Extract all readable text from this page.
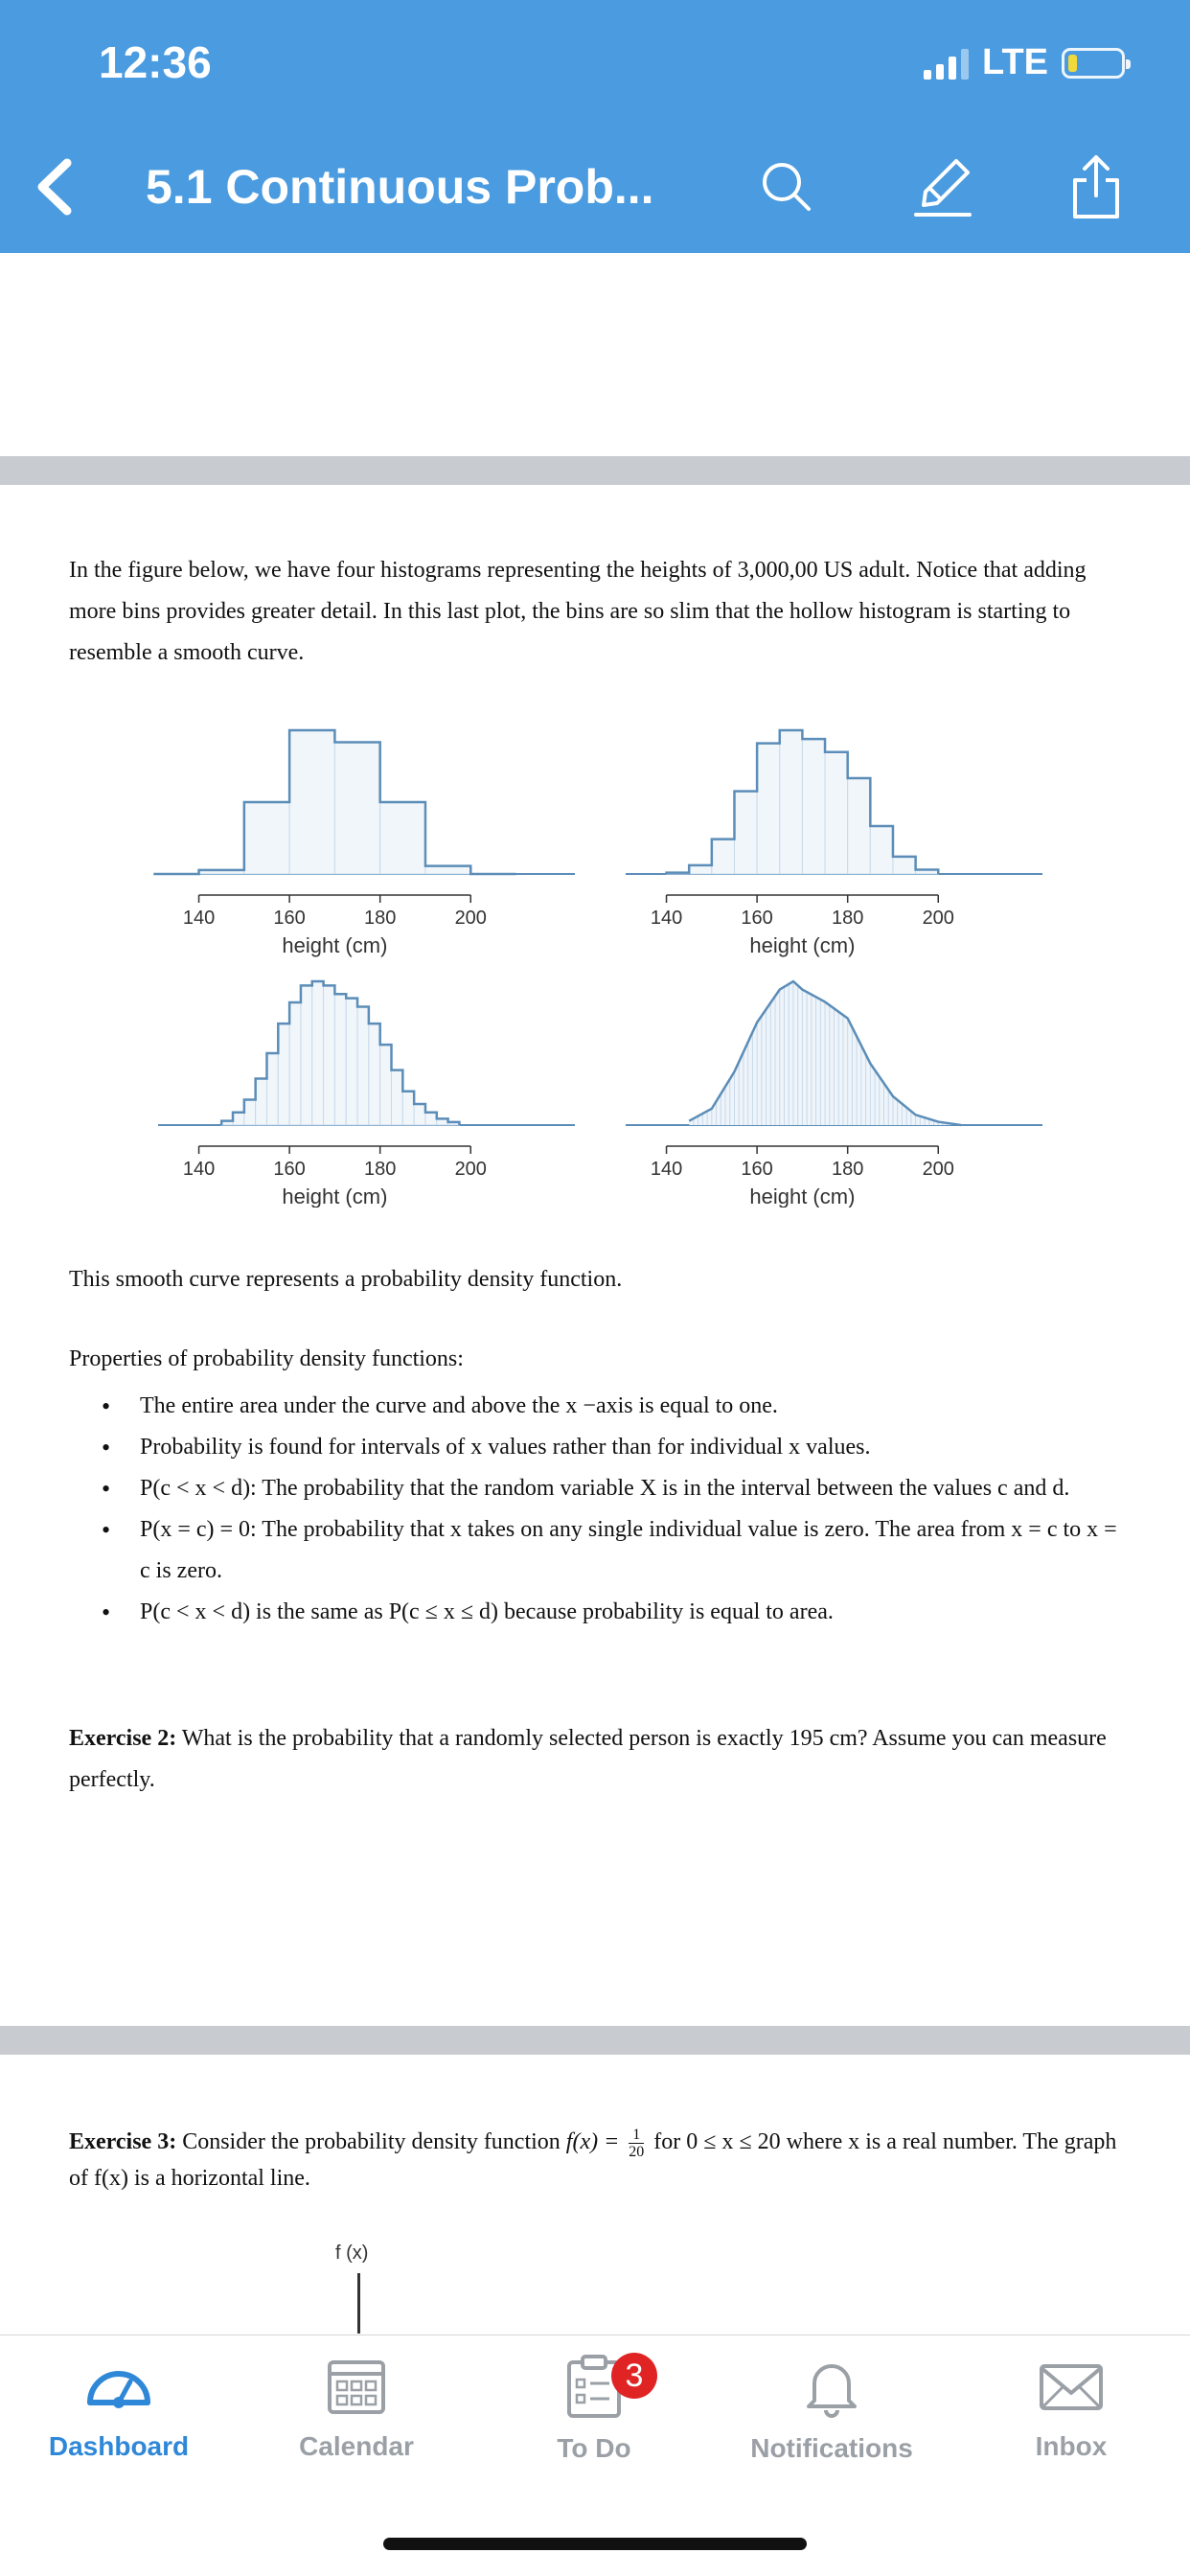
12:36	LTE
5.1 Continuous Prob...

In the figure below, we have four histograms representing the heights of 3,000,00 US adult. Notice that adding more bins provides greater detail. In this last plot, the bins are so slim that the hollow histogram is starting to resemble a smooth curve.

140	160	180	200
height (cm)
140	160	180	200
height (cm)
140	160	180	200
height (cm)
140	160	180	200
height (cm)

This smooth curve represents a probability density function.

Properties of probability density functions:
• The entire area under the curve and above the x −axis is equal to one.
• Probability is found for intervals of x values rather than for individual x values.
• P(c < x < d): The probability that the random variable X is in the interval between the values c and d.
• P(x = c) = 0: The probability that x takes on any single individual value is zero. The area from x = c to x = c is zero.
• P(c < x < d) is the same as P(c ≤ x ≤ d) because probability is equal to area.

Exercise 2: What is the probability that a randomly selected person is exactly 195 cm? Assume you can measure perfectly.

Exercise 3: Consider the probability density function $f(x) = \frac{1}{20}$ for 0 ≤ x ≤ 20 where x is a real number. The graph of f(x) is a horizontal line.

f (x)
Dashboard	Calendar
3
To Do	Notifications	Inbox
